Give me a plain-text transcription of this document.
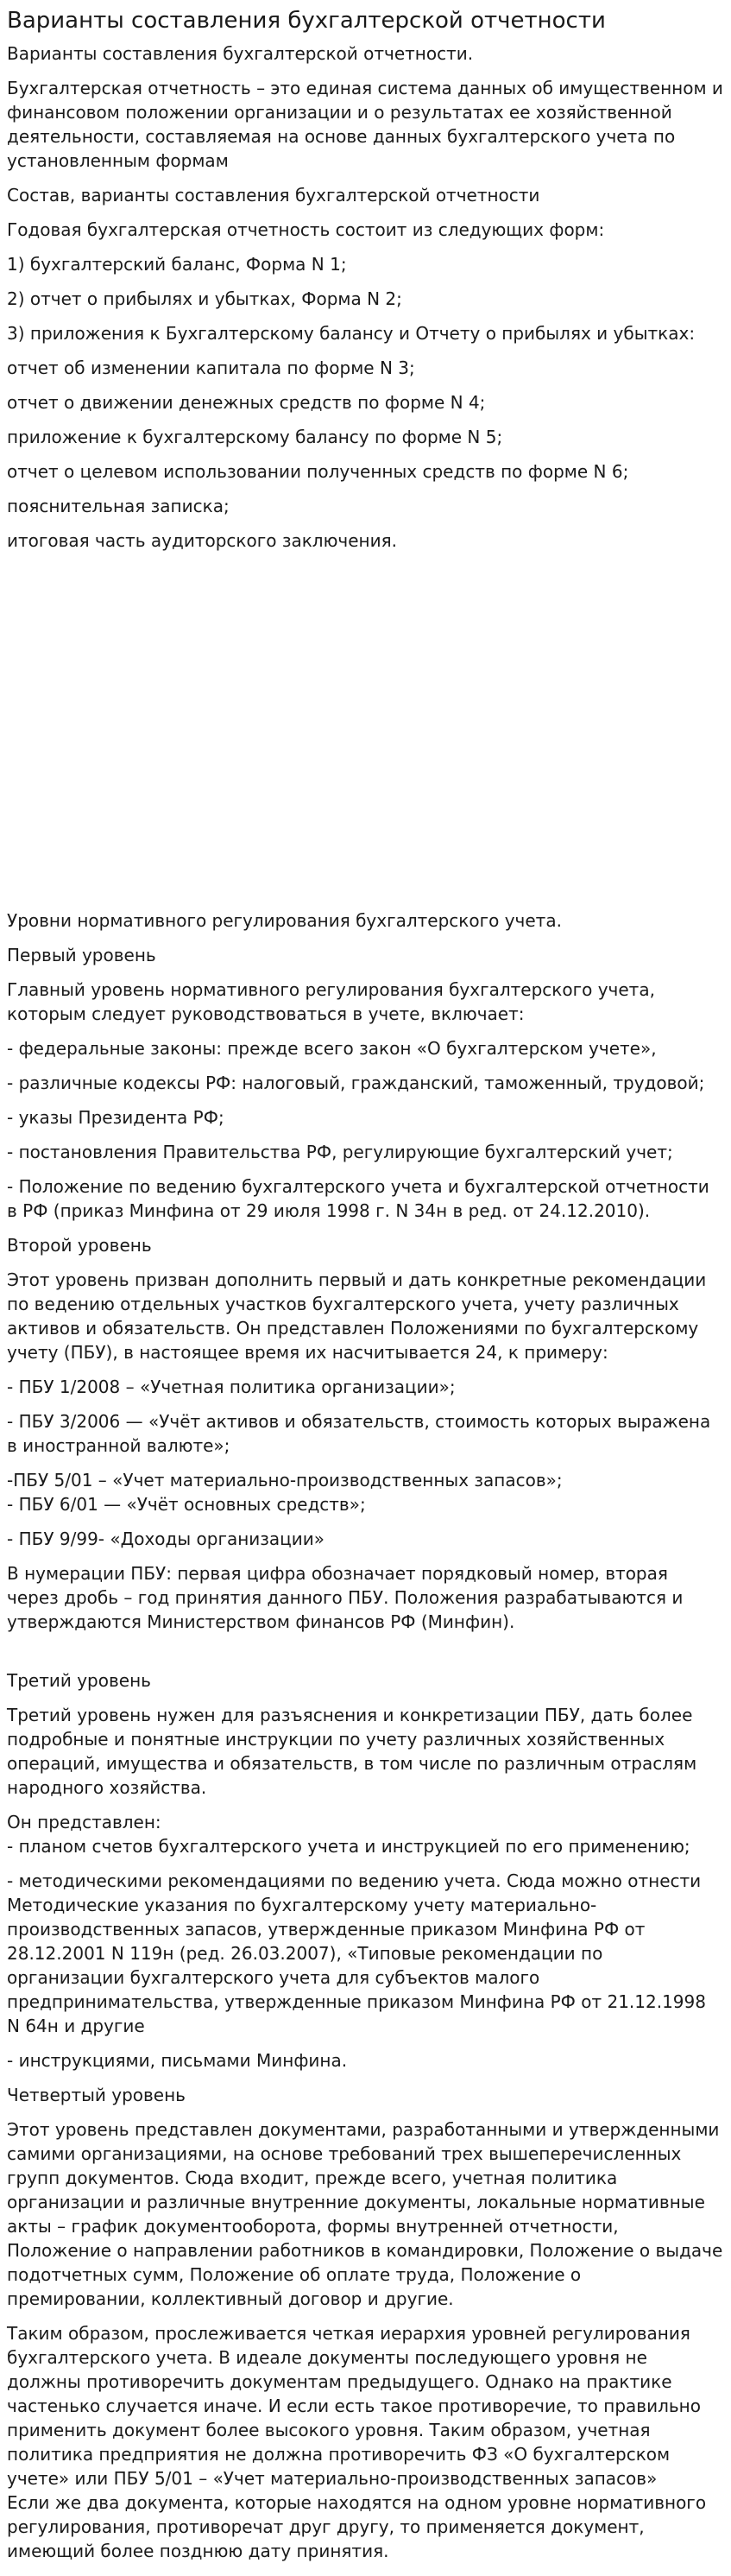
Варианты составления бухгалтерской отчетности

Варианты составления бухгалтерской отчетности.

Бухгалтерская отчетность – это единая система данных об имущественном и финансовом положении организации и о результатах ее хозяйственной деятельности, составляемая на основе данных бухгалтерского учета по установленным формам

Состав, варианты составления бухгалтерской отчетности

Годовая бухгалтерская отчетность состоит из следующих форм:

1) бухгалтерский баланс, Форма N 1;

2) отчет о прибылях и убытках, Форма N 2;

3) приложения к Бухгалтерскому балансу и Отчету о прибылях и убытках:

отчет об изменении капитала по форме N 3;

отчет о движении денежных средств по форме N 4;

приложение к бухгалтерскому балансу по форме N 5;

отчет о целевом использовании полученных средств по форме N 6;

пояснительная записка;

итоговая часть аудиторского заключения.

Уровни нормативного регулирования бухгалтерского учета.

Первый уровень

Главный уровень нормативного регулирования бухгалтерского учета, которым следует руководствоваться в учете, включает:

- федеральные законы: прежде всего закон «О бухгалтерском учете»,

- различные кодексы РФ: налоговый, гражданский, таможенный, трудовой;

- указы Президента РФ;

- постановления Правительства РФ, регулирующие бухгалтерский учет;

- Положение по ведению бухгалтерского учета и бухгалтерской отчетности в РФ (приказ Минфина от 29 июля 1998 г. N 34н в ред. от 24.12.2010).

Второй уровень

Этот уровень призван дополнить первый и дать конкретные рекомендации по ведению отдельных участков бухгалтерского учета, учету различных активов и обязательств. Он представлен Положениями по бухгалтерскому учету (ПБУ), в настоящее время их насчитывается 24, к примеру:

- ПБУ 1/2008 – «Учетная политика организации»;

- ПБУ 3/2006 — «Учёт активов и обязательств, стоимость которых выражена в иностранной валюте»;

-ПБУ 5/01 – «Учет материально-производственных запасов»;
- ПБУ 6/01 — «Учёт основных средств»;

- ПБУ 9/99- «Доходы организации»

В нумерации ПБУ: первая цифра обозначает порядковый номер, вторая через дробь – год принятия данного ПБУ. Положения разрабатываются и утверждаются Министерством финансов РФ (Минфин).

Третий уровень

Третий уровень нужен для разъяснения и конкретизации ПБУ, дать более подробные и понятные инструкции по учету различных хозяйственных операций, имущества и обязательств, в том числе по различным отраслям народного хозяйства.

Он представлен:
- планом счетов бухгалтерского учета и инструкцией по его применению;

- методическими рекомендациями по ведению учета. Сюда можно отнести Методические указания по бухгалтерскому учету материально-производственных запасов, утвержденные приказом Минфина РФ от 28.12.2001 N 119н (ред. 26.03.2007), «Типовые рекомендации по организации бухгалтерского учета для субъектов малого предпринимательства, утвержденные приказом Минфина РФ от 21.12.1998 N 64н и другие

- инструкциями, письмами Минфина.

Четвертый уровень

Этот уровень представлен документами, разработанными и утвержденными самими организациями, на основе требований трех вышеперечисленных групп документов. Сюда входит, прежде всего, учетная политика организации и различные внутренние документы, локальные нормативные акты – график документооборота, формы внутренней отчетности, Положение о направлении работников в командировки, Положение о выдаче подотчетных сумм, Положение об оплате труда, Положение о премировании, коллективный договор и другие.

Таким образом, прослеживается четкая иерархия уровней регулирования бухгалтерского учета. В идеале документы последующего уровня не должны противоречить документам предыдущего. Однако на практике частенько случается иначе. И если есть такое противоречие, то правильно применить документ более высокого уровня. Таким образом, учетная политика предприятия не должна противоречить ФЗ «О бухгалтерском учете» или ПБУ 5/01 – «Учет материально-производственных запасов»
Если же два документа, которые находятся на одном уровне нормативного регулирования, противоречат друг другу, то применяется документ, имеющий более позднюю дату принятия.
